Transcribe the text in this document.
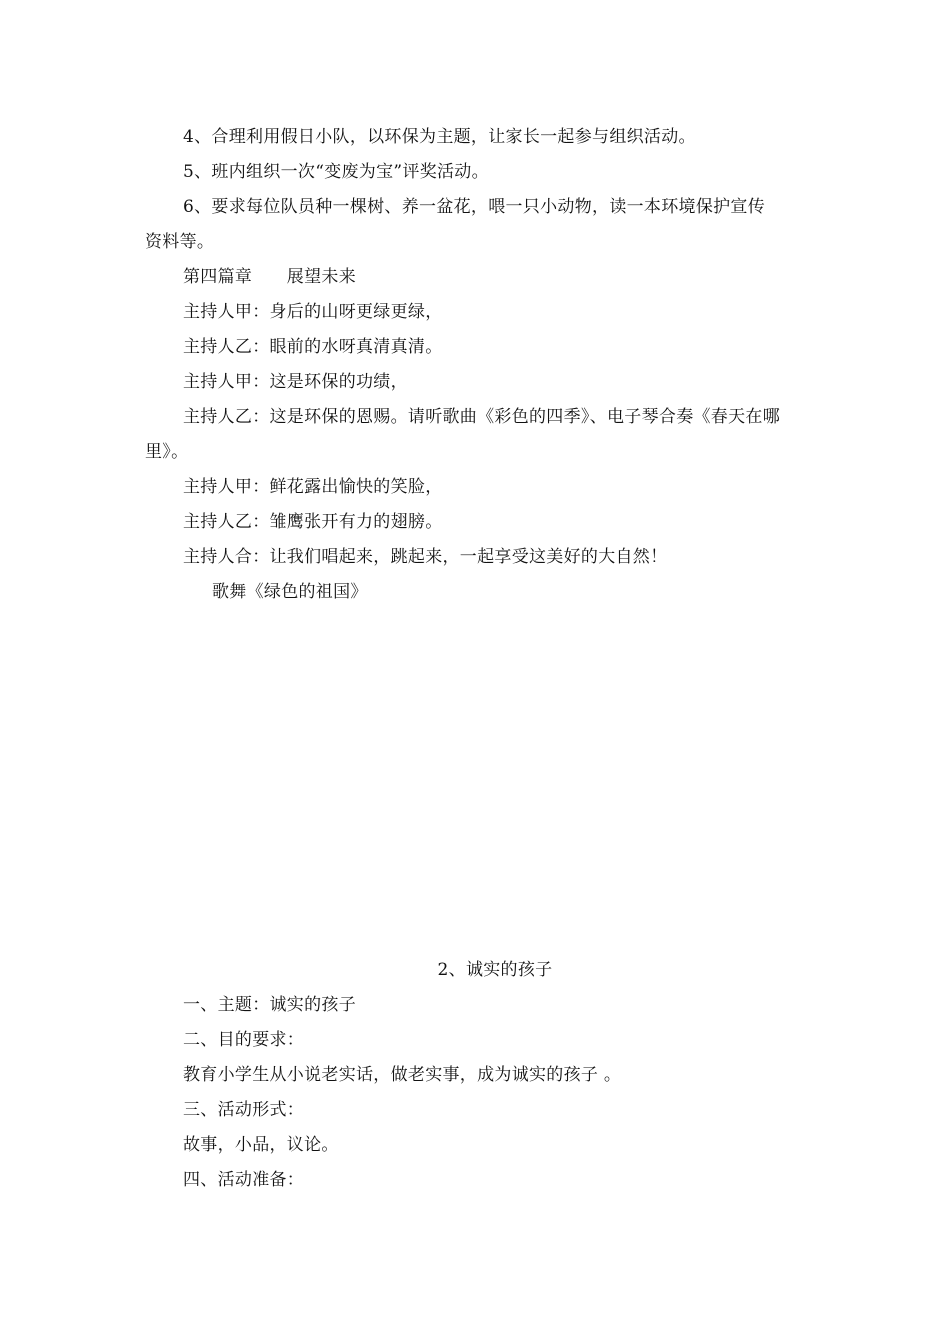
4、合理利用假日小队，以环保为主题，让家长一起参与组织活动。
5、班内组织一次“变废为宝”评奖活动。
6、要求每位队员种一棵树、养一盆花，喂一只小动物，读一本环境保护宣传
资料等。
第四篇章　　展望未来
主持人甲：身后的山呀更绿更绿，
主持人乙：眼前的水呀真清真清。
主持人甲：这是环保的功绩，
主持人乙：这是环保的恩赐。请听歌曲《彩色的四季》、电子琴合奏《春天在哪
里》。
主持人甲：鲜花露出愉快的笑脸，
主持人乙：雏鹰张开有力的翅膀。
主持人合：让我们唱起来，跳起来，一起享受这美好的大自然！
歌舞《绿色的祖国》
2、诚实的孩子
一、主题：诚实的孩子
二、目的要求：
教育小学生从小说老实话，做老实事，成为诚实的孩子 。
三、活动形式：
故事，小品，议论。
四、活动准备：
